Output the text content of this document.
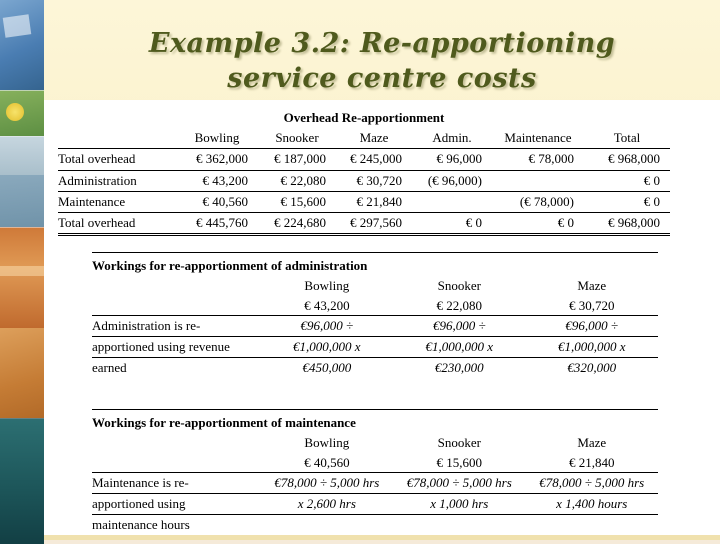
Example 3.2: Re-apportioning
service centre costs
Overhead Re-apportionment
	Bowling	Snooker	Maze	Admin.	Maintenance	Total
Total overhead	€ 362,000	€ 187,000	€ 245,000	€ 96,000	€ 78,000	€ 968,000
Administration	€ 43,200	€ 22,080	€ 30,720	(€ 96,000)		€ 0
Maintenance	€ 40,560	€ 15,600	€ 21,840		(€ 78,000)	€ 0
Total overhead	€ 445,760	€ 224,680	€ 297,560	€ 0	€ 0	€ 968,000
Workings for re-apportionment of administration
	Bowling	Snooker	Maze
	€ 43,200	€ 22,080	€ 30,720
Administration is re-	€96,000 ÷	€96,000 ÷	€96,000 ÷
apportioned using revenue	€1,000,000 x	€1,000,000 x	€1,000,000 x
earned	€450,000	€230,000	€320,000
Workings for re-apportionment of maintenance
	Bowling	Snooker	Maze
	€ 40,560	€ 15,600	€ 21,840
Maintenance is re-	€78,000 ÷ 5,000 hrs	€78,000 ÷ 5,000 hrs	€78,000 ÷ 5,000 hrs
apportioned using	x 2,600 hrs	x 1,000 hrs	x 1,400 hours
maintenance hours			
